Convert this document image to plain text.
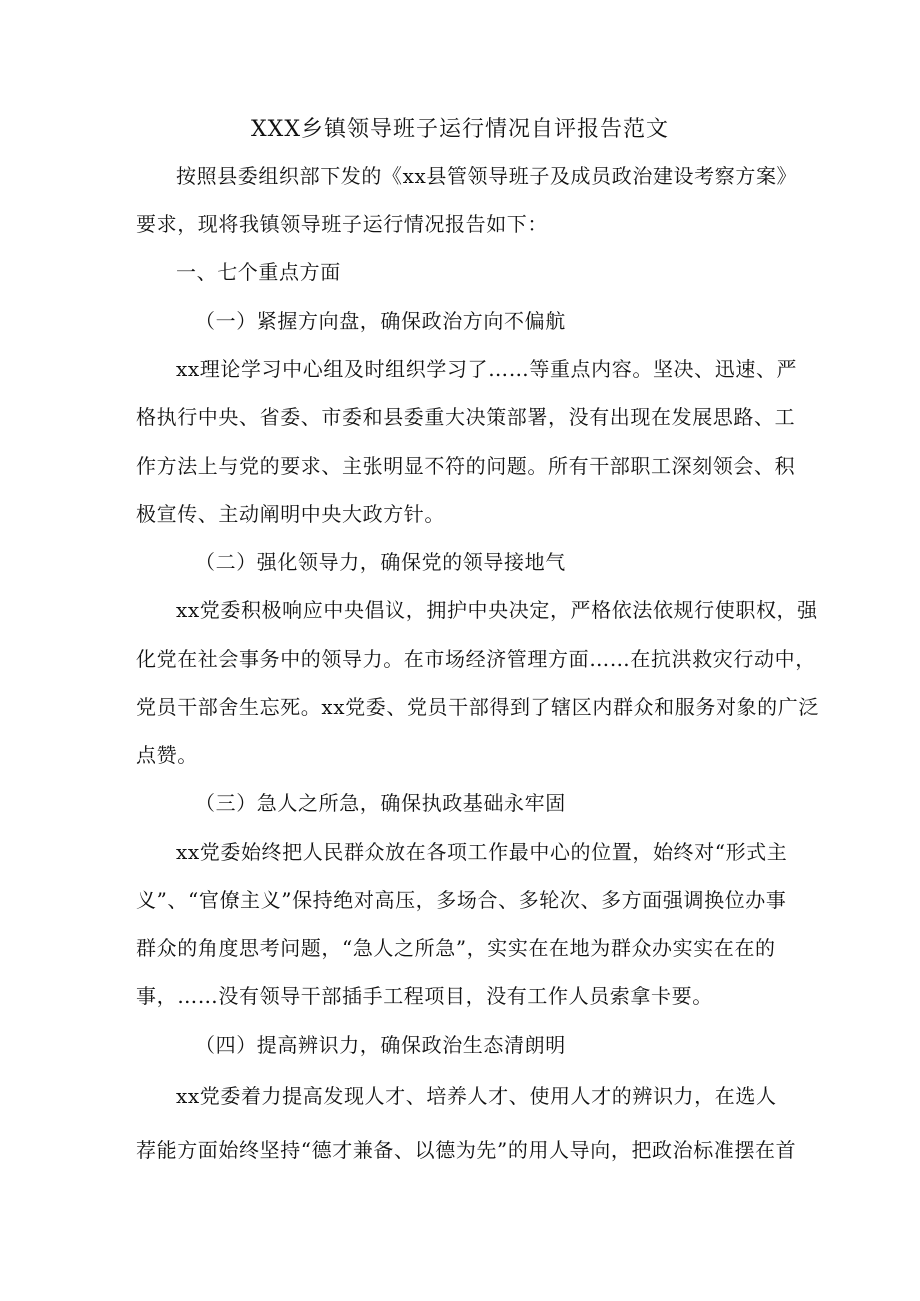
XXX乡镇领导班子运行情况自评报告范文
按照县委组织部下发的《xx县管领导班子及成员政治建设考察方案》
要求，现将我镇领导班子运行情况报告如下：
一、七个重点方面
（一）紧握方向盘，确保政治方向不偏航
xx理论学习中心组及时组织学习了……等重点内容。坚决、迅速、严
格执行中央、省委、市委和县委重大决策部署，没有出现在发展思路、工
作方法上与党的要求、主张明显不符的问题。所有干部职工深刻领会、积
极宣传、主动阐明中央大政方针。
（二）强化领导力，确保党的领导接地气
xx党委积极响应中央倡议，拥护中央决定，严格依法依规行使职权，强
化党在社会事务中的领导力。在市场经济管理方面……在抗洪救灾行动中，
党员干部舍生忘死。xx党委、党员干部得到了辖区内群众和服务对象的广泛
点赞。
（三）急人之所急，确保执政基础永牢固
xx党委始终把人民群众放在各项工作最中心的位置，始终对“形式主
义”、“官僚主义”保持绝对高压，多场合、多轮次、多方面强调换位办事
群众的角度思考问题，“急人之所急”，实实在在地为群众办实实在在的
事，……没有领导干部插手工程项目，没有工作人员索拿卡要。
（四）提高辨识力，确保政治生态清朗明
xx党委着力提高发现人才、培养人才、使用人才的辨识力，在选人
荐能方面始终坚持“德才兼备、以德为先”的用人导向，把政治标准摆在首
